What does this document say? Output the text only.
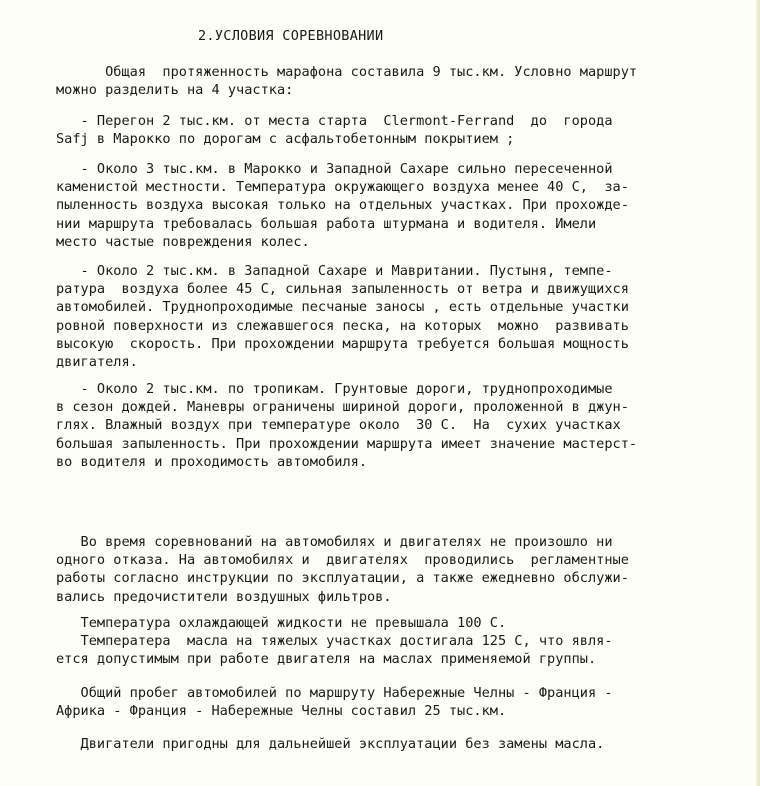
2.УСЛОВИЯ СОРЕВНОВАНИИ
Общая  протяженность марафона составила 9 тыс.км. Условно маршрут
можно разделить на 4 участка:
- Перегон 2 тыс.км. от места старта  Clermont-Ferrand  до  города
Safj в Марокко по дорогам с асфальтобетонным покрытием ;
- Около 3 тыс.км. в Марокко и Западной Сахаре сильно пересеченной
каменистой местности. Температура окружающего воздуха менее 40 С,  за-
пыленность воздуха высокая только на отдельных участках. При прохожде-
нии маршрута требовалась большая работа штурмана и водителя. Имели
место частые повреждения колес.
- Около 2 тыс.км. в Западной Сахаре и Мавритании. Пустыня, темпе-
ратура  воздуха более 45 С, сильная запыленность от ветра и движущихся
автомобилей. Труднопроходимые песчаные заносы , есть отдельные участки
ровной поверхности из слежавшегося песка, на которых  можно  развивать
высокую  скорость. При прохождении маршрута требуется большая мощность
двигателя.
- Около 2 тыс.км. по тропикам. Грунтовые дороги, труднопроходимые
в сезон дождей. Маневры ограничены шириной дороги, проложенной в джун-
глях. Влажный воздух при температуре около  30 С.  На  сухих участках
большая запыленность. При прохождении маршрута имеет значение мастерст-
во водителя и проходимость автомобиля.
Во время соревнований на автомобилях и двигателях не произошло ни
одного отказа. На автомобилях и  двигателях  проводились  регламентные
работы согласно инструкции по эксплуатации, а также ежедневно обслужи-
вались предочистители воздушных фильтров.
Температура охлаждающей жидкости не превышала 100 С.
Температера  масла на тяжелых участках достигала 125 С, что явля-
ется допустимым при работе двигателя на маслах применяемой группы.
Общий пробег автомобилей по маршруту Набережные Челны - Франция -
Африка - Франция - Набережные Челны составил 25 тыс.км.
Двигатели пригодны для дальнейшей эксплуатации без замены масла.
